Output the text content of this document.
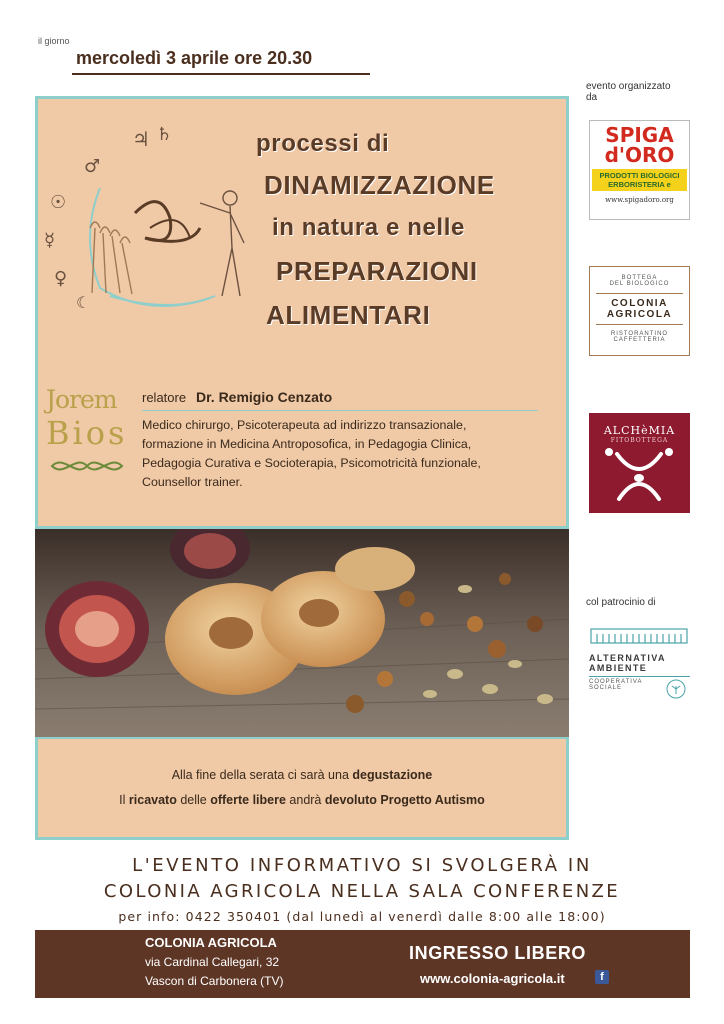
il giorno
mercoledì 3 aprile ore 20.30
♃ ♄
♂
☉
☿
♀
☾
processi di
DINAMIZZAZIONE
in natura e nelle
PREPARAZIONI
ALIMENTARI
Jorem
Bios
relatore Dr. Remigio Cenzato
Medico chirurgo, Psicoterapeuta ad indirizzo transazionale,
formazione in Medicina Antroposofica, in Pedagogia Clinica,
Pedagogia Curativa e Socioterapia, Psicomotricità funzionale,
Counsellor trainer.
Alla fine della serata ci sarà una degustazione
Il ricavato delle offerte libere andrà devoluto Progetto Autismo
evento organizzato
da
SPIGA
d'ORO
PRODOTTI BIOLOGICI
ERBORISTERIA e
www.spigadoro.org
BOTTEGA
DEL BIOLOGICO
COLONIA
AGRICOLA
RISTORANTINO
CAFFETTERIA
ALCHèMIA
FITOBOTTEGA
col patrocinio di
ALTERNATIVA
AMBIENTE
COOPERATIVA
SOCIALE
L'EVENTO INFORMATIVO SI SVOLGERÀ IN
COLONIA AGRICOLA NELLA SALA CONFERENZE
per info: 0422 350401 (dal lunedì al venerdì dalle 8:00 alle 18:00)
COLONIA AGRICOLA
via Cardinal Callegari, 32
Vascon di Carbonera (TV)
INGRESSO LIBERO
www.colonia-agricola.it	f
